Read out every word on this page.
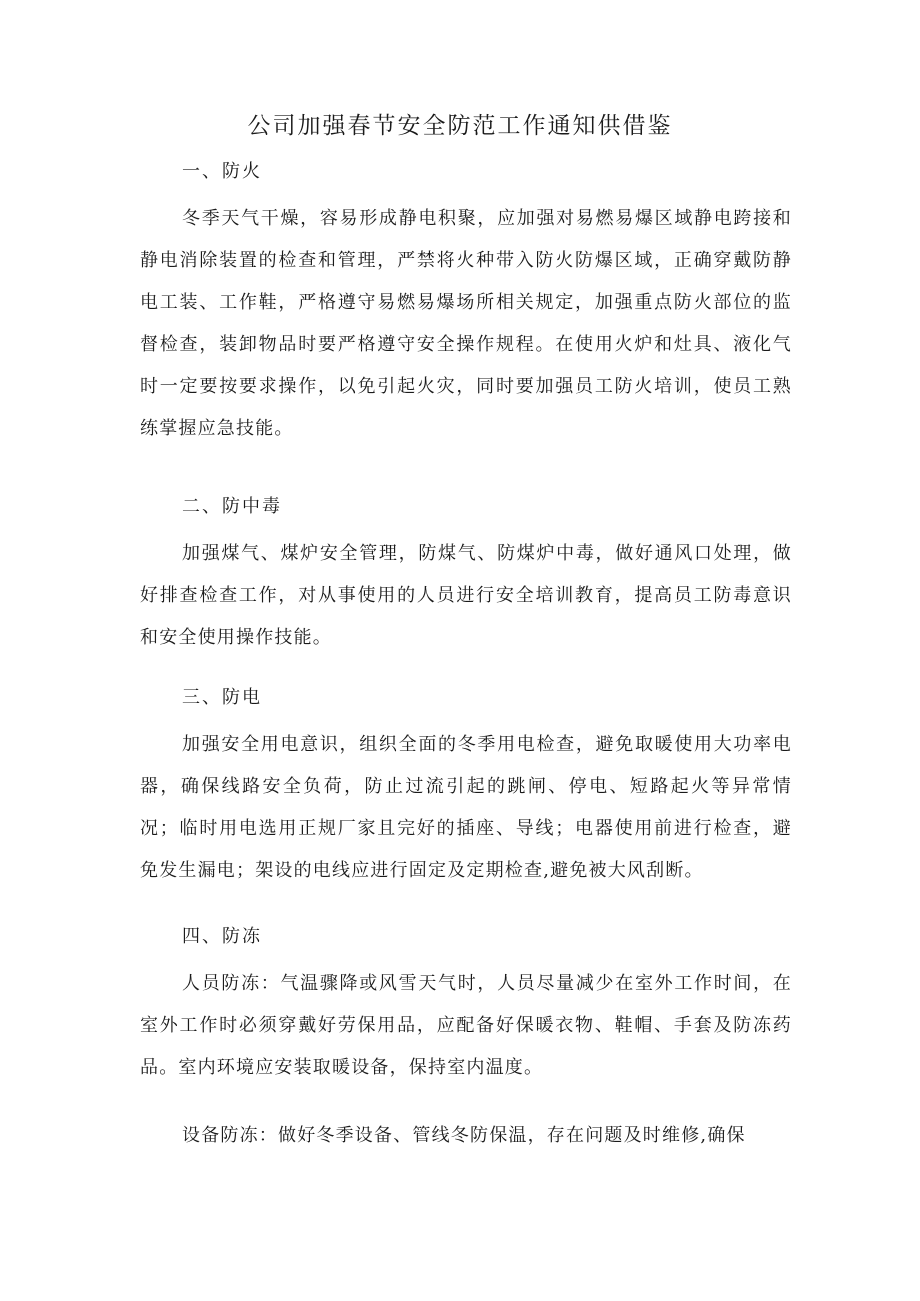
公司加强春节安全防范工作通知供借鉴
一、防火

冬季天气干燥，容易形成静电积聚，应加强对易燃易爆区域静电跨接和静电消除装置的检查和管理，严禁将火种带入防火防爆区域，正确穿戴防静电工装、工作鞋，严格遵守易燃易爆场所相关规定，加强重点防火部位的监督检查，装卸物品时要严格遵守安全操作规程。在使用火炉和灶具、液化气时一定要按要求操作，以免引起火灾，同时要加强员工防火培训，使员工熟练掌握应急技能。

二、防中毒

加强煤气、煤炉安全管理，防煤气、防煤炉中毒，做好通风口处理，做好排查检查工作，对从事使用的人员进行安全培训教育，提高员工防毒意识和安全使用操作技能。

三、防电

加强安全用电意识，组织全面的冬季用电检查，避免取暖使用大功率电器，确保线路安全负荷，防止过流引起的跳闸、停电、短路起火等异常情况；临时用电选用正规厂家且完好的插座、导线；电器使用前进行检查，避免发生漏电；架设的电线应进行固定及定期检查,避免被大风刮断。

四、防冻

人员防冻：气温骤降或风雪天气时，人员尽量减少在室外工作时间，在室外工作时必须穿戴好劳保用品，应配备好保暖衣物、鞋帽、手套及防冻药品。室内环境应安装取暖设备，保持室内温度。

设备防冻：做好冬季设备、管线冬防保温，存在问题及时维修,确保
